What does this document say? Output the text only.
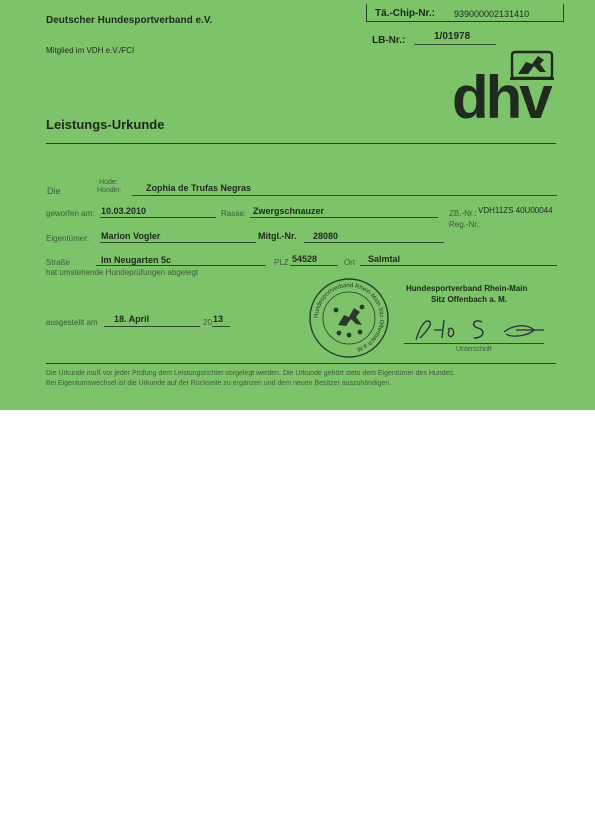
Deutscher Hundesportverband e.V.
Mitglied im VDH e.V./FCI
Tä.-Chip-Nr.: 939000002131410
LB-Nr.:	1/01978
dhv
Leistungs-Urkunde
Die
Hüde:
Hündin:	Zophia de Trufas Negras
geworfen am: 10.03.2010	Rasse: Zwergschnauzer	ZB.-Nr.: VDH11ZS 40U00044
Reg.-Nr.:
Eigentümer: Marion Vogler	Mitgl.-Nr. 28080
Straße	Im Neugarten 5c	PLZ 54528	Ort Salmtal
hat umstehende Hundeprüfungen abgelegt
ausgestellt am 18. April	20 13	Hundesportverband Rhein-Main Sitz Offenbach a.M.
Hundesportverband Rhein-Main
Sitz Offenbach a. M.
Unterschrift
Die Urkunde muß vor jeder Prüfung dem Leistungsrichter vorgelegt werden. Die Urkunde gehört stets dem Eigentümer des Hundes.
Bei Eigentumswechsel ist die Urkunde auf der Rückseite zu ergänzen und dem neuen Besitzer auszuhändigen.
